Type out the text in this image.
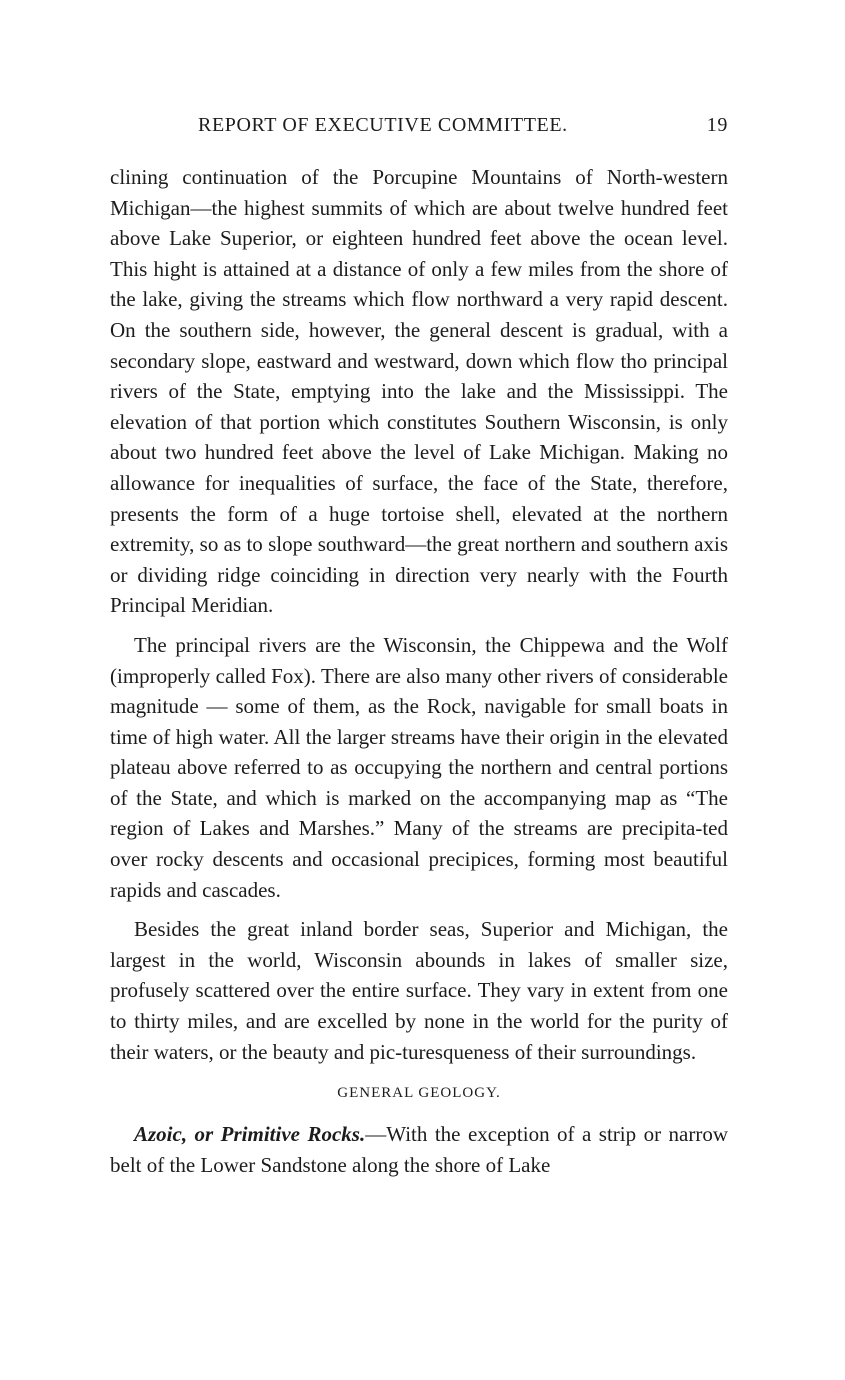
REPORT OF EXECUTIVE COMMITTEE.	19

clining continuation of the Porcupine Mountains of North-western Michigan—the highest summits of which are about twelve hundred feet above Lake Superior, or eighteen hundred feet above the ocean level. This hight is attained at a distance of only a few miles from the shore of the lake, giving the streams which flow northward a very rapid descent. On the southern side, however, the general descent is gradual, with a secondary slope, eastward and westward, down which flow tho principal rivers of the State, emptying into the lake and the Mississippi. The elevation of that portion which constitutes Southern Wisconsin, is only about two hundred feet above the level of Lake Michigan. Making no allowance for inequalities of surface, the face of the State, therefore, presents the form of a huge tortoise shell, elevated at the northern extremity, so as to slope southward—the great northern and southern axis or dividing ridge coinciding in direction very nearly with the Fourth Principal Meridian.

The principal rivers are the Wisconsin, the Chippewa and the Wolf (improperly called Fox). There are also many other rivers of considerable magnitude — some of them, as the Rock, navigable for small boats in time of high water. All the larger streams have their origin in the elevated plateau above referred to as occupying the northern and central portions of the State, and which is marked on the accompanying map as “The region of Lakes and Marshes.” Many of the streams are precipita-ted over rocky descents and occasional precipices, forming most beautiful rapids and cascades.

Besides the great inland border seas, Superior and Michigan, the largest in the world, Wisconsin abounds in lakes of smaller size, profusely scattered over the entire surface. They vary in extent from one to thirty miles, and are excelled by none in the world for the purity of their waters, or the beauty and pic-turesqueness of their surroundings.

GENERAL GEOLOGY.

Azoic, or Primitive Rocks.—With the exception of a strip or narrow belt of the Lower Sandstone along the shore of Lake
